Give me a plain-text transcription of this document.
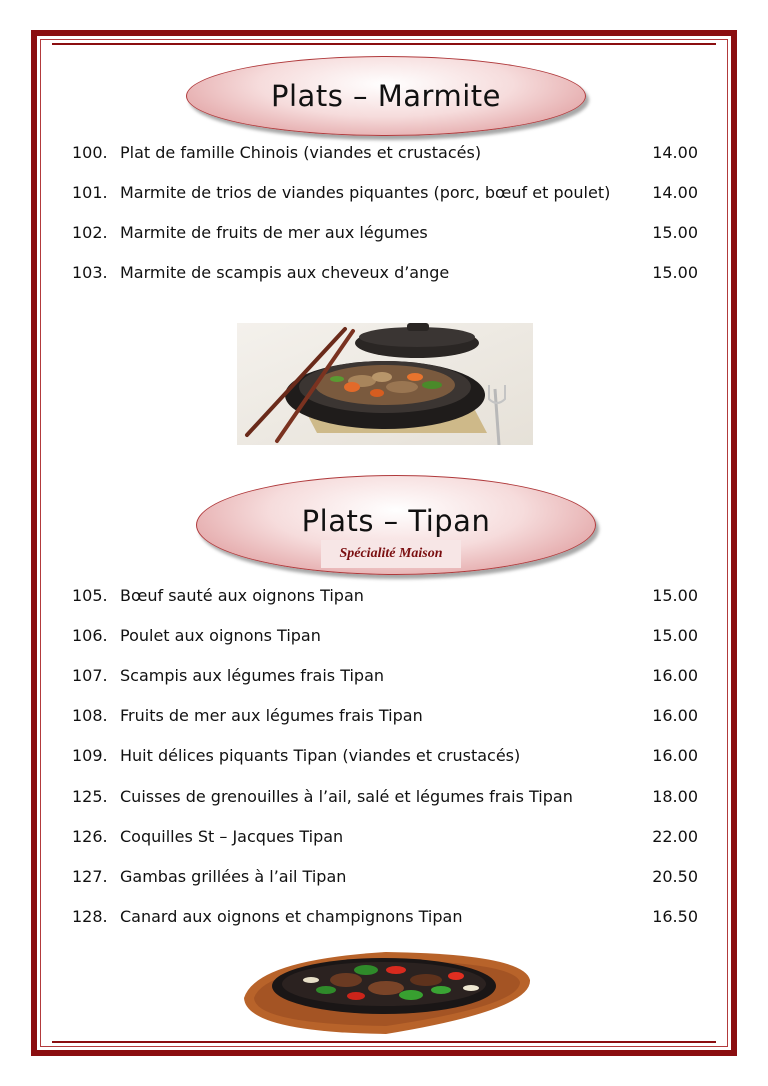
Plats – Marmite
100. Plat de famille Chinois (viandes et crustacés)	14.00
101. Marmite de trios de viandes piquantes (porc, bœuf et poulet)	14.00
102. Marmite de fruits de mer aux légumes	15.00
103. Marmite de scampis aux cheveux d’ange	15.00
Plats – Tipan
Spécialité Maison
105. Bœuf sauté aux oignons Tipan	15.00
106. Poulet aux oignons Tipan	15.00
107. Scampis aux légumes frais Tipan	16.00
108. Fruits de mer aux légumes frais Tipan	16.00
109. Huit délices piquants Tipan (viandes et crustacés)	16.00
125. Cuisses de grenouilles à l’ail, salé et légumes frais Tipan	18.00
126. Coquilles St – Jacques Tipan	22.00
127. Gambas grillées à l’ail Tipan	20.50
128. Canard aux oignons et champignons Tipan	16.50
